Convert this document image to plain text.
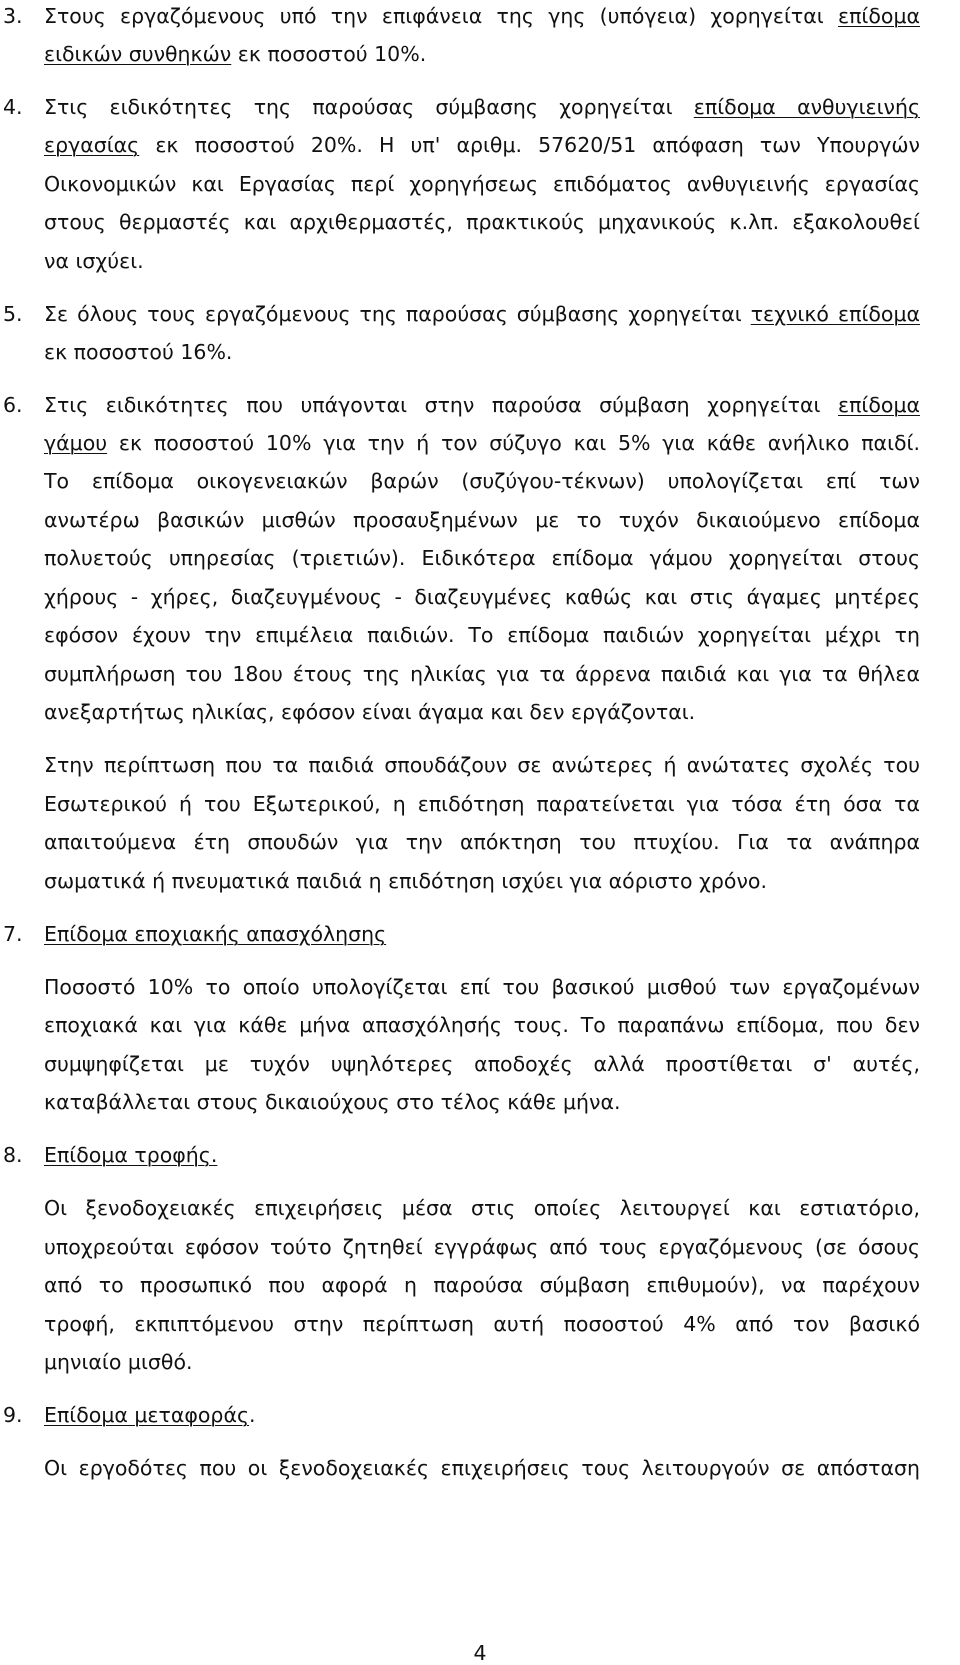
3.	Στους εργαζόμενους υπό την επιφάνεια της γης (υπόγεια) χορηγείται επίδομα
ειδικών συνθηκών εκ ποσοστού 10%.
4.	Στις ειδικότητες της παρούσας σύμβασης χορηγείται επίδομα ανθυγιεινής
εργασίας εκ ποσοστού 20%. Η υπ' αριθμ. 57620/51 απόφαση των Υπουργών
Οικονομικών και Εργασίας περί χορηγήσεως επιδόματος ανθυγιεινής εργασίας
στους θερμαστές και αρχιθερμαστές, πρακτικούς μηχανικούς κ.λπ. εξακολουθεί
να ισχύει.
5.	Σε όλους τους εργαζόμενους της παρούσας σύμβασης χορηγείται τεχνικό επίδομα
εκ ποσοστού 16%.
6.	Στις ειδικότητες που υπάγονται στην παρούσα σύμβαση χορηγείται επίδομα
γάμου εκ ποσοστού 10% για την ή τον σύζυγο και 5% για κάθε ανήλικο παιδί.
Το επίδομα οικογενειακών βαρών (συζύγου-τέκνων) υπολογίζεται επί των
ανωτέρω βασικών μισθών προσαυξημένων με το τυχόν δικαιούμενο επίδομα
πολυετούς υπηρεσίας (τριετιών). Ειδικότερα επίδομα γάμου χορηγείται στους
χήρους - χήρες, διαζευγμένους - διαζευγμένες καθώς και στις άγαμες μητέρες
εφόσον έχουν την επιμέλεια παιδιών. Το επίδομα παιδιών χορηγείται μέχρι τη
συμπλήρωση του 18ου έτους της ηλικίας για τα άρρενα παιδιά και για τα θήλεα
ανεξαρτήτως ηλικίας, εφόσον είναι άγαμα και δεν εργάζονται.
Στην περίπτωση που τα παιδιά σπουδάζουν σε ανώτερες ή ανώτατες σχολές του
Εσωτερικού ή του Εξωτερικού, η επιδότηση παρατείνεται για τόσα έτη όσα τα
απαιτούμενα έτη σπουδών για την απόκτηση του πτυχίου. Για τα ανάπηρα
σωματικά ή πνευματικά παιδιά η επιδότηση ισχύει για αόριστο χρόνο.
7.	Επίδομα εποχιακής απασχόλησης
Ποσοστό 10% το οποίο υπολογίζεται επί του βασικού μισθού των εργαζομένων
εποχιακά και για κάθε μήνα απασχόλησής τους. Το παραπάνω επίδομα, που δεν
συμψηφίζεται με τυχόν υψηλότερες αποδοχές αλλά προστίθεται σ' αυτές,
καταβάλλεται στους δικαιούχους στο τέλος κάθε μήνα.
8.	Επίδομα τροφής.
Οι ξενοδοχειακές επιχειρήσεις μέσα στις οποίες λειτουργεί και εστιατόριο,
υποχρεούται εφόσον τούτο ζητηθεί εγγράφως από τους εργαζόμενους (σε όσους
από το προσωπικό που αφορά η παρούσα σύμβαση επιθυμούν), να παρέχουν
τροφή, εκπιπτόμενου στην περίπτωση αυτή ποσοστού 4% από τον βασικό
μηνιαίο μισθό.
9.	Επίδομα μεταφοράς.
Οι εργοδότες που οι ξενοδοχειακές επιχειρήσεις τους λειτουργούν σε απόσταση
4
